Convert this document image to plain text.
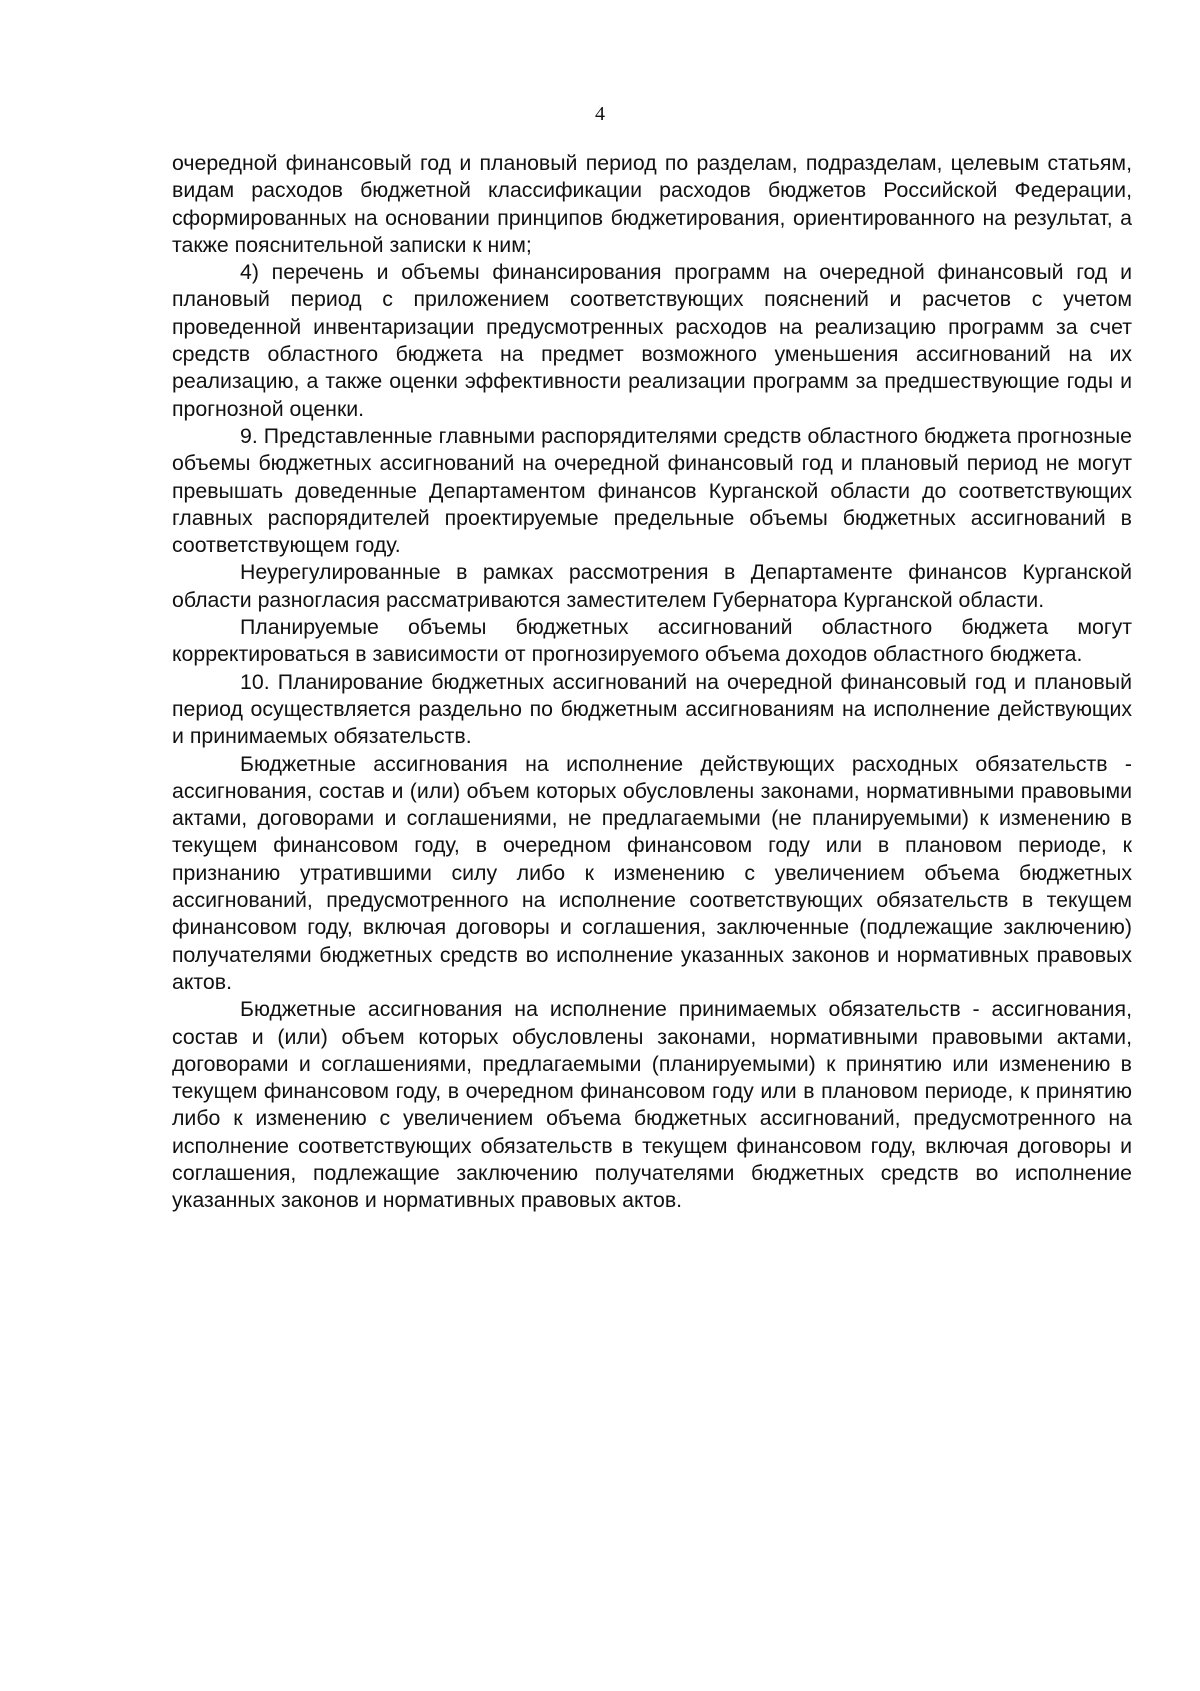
4

очередной финансовый год и плановый период по разделам, подразделам, целевым статьям, видам расходов бюджетной классификации расходов бюджетов Российской Федерации, сформированных на основании принципов бюджетирования, ориентированного на результат, а также пояснительной записки к ним;

4) перечень и объемы финансирования программ на очередной финансовый год и плановый период с приложением соответствующих пояснений и расчетов с учетом проведенной инвентаризации предусмотренных расходов на реализацию программ за счет средств областного бюджета на предмет возможного уменьшения ассигнований на их реализацию, а также оценки эффективности реализации программ за предшествующие годы и прогнозной оценки.

9. Представленные главными распорядителями средств областного бюджета прогнозные объемы бюджетных ассигнований на очередной финансовый год и плановый период не могут превышать доведенные Департаментом финансов Курганской области до соответствующих главных распорядителей проектируемые предельные объемы бюджетных ассигнований в соответствующем году.

Неурегулированные в рамках рассмотрения в Департаменте финансов Курганской области разногласия рассматриваются заместителем Губернатора Курганской области.

Планируемые объемы бюджетных ассигнований областного бюджета могут корректироваться в зависимости от прогнозируемого объема доходов областного бюджета.

10. Планирование бюджетных ассигнований на очередной финансовый год и плановый период осуществляется раздельно по бюджетным ассигнованиям на исполнение действующих и принимаемых обязательств.

Бюджетные ассигнования на исполнение действующих расходных обязательств - ассигнования, состав и (или) объем которых обусловлены законами, нормативными правовыми актами, договорами и соглашениями, не предлагаемыми (не планируемыми) к изменению в текущем финансовом году, в очередном финансовом году или в плановом периоде, к признанию утратившими силу либо к изменению с увеличением объема бюджетных ассигнований, предусмотренного на исполнение соответствующих обязательств в текущем финансовом году, включая договоры и соглашения, заключенные (подлежащие заключению) получателями бюджетных средств во исполнение указанных законов и нормативных правовых актов.

Бюджетные ассигнования на исполнение принимаемых обязательств - ассигнования, состав и (или) объем которых обусловлены законами, нормативными правовыми актами, договорами и соглашениями, предлагаемыми (планируемыми) к принятию или изменению в текущем финансовом году, в очередном финансовом году или в плановом периоде, к принятию либо к изменению с увеличением объема бюджетных ассигнований, предусмотренного на исполнение соответствующих обязательств в текущем финансовом году, включая договоры и соглашения, подлежащие заключению получателями бюджетных средств во исполнение указанных законов и нормативных правовых актов.
